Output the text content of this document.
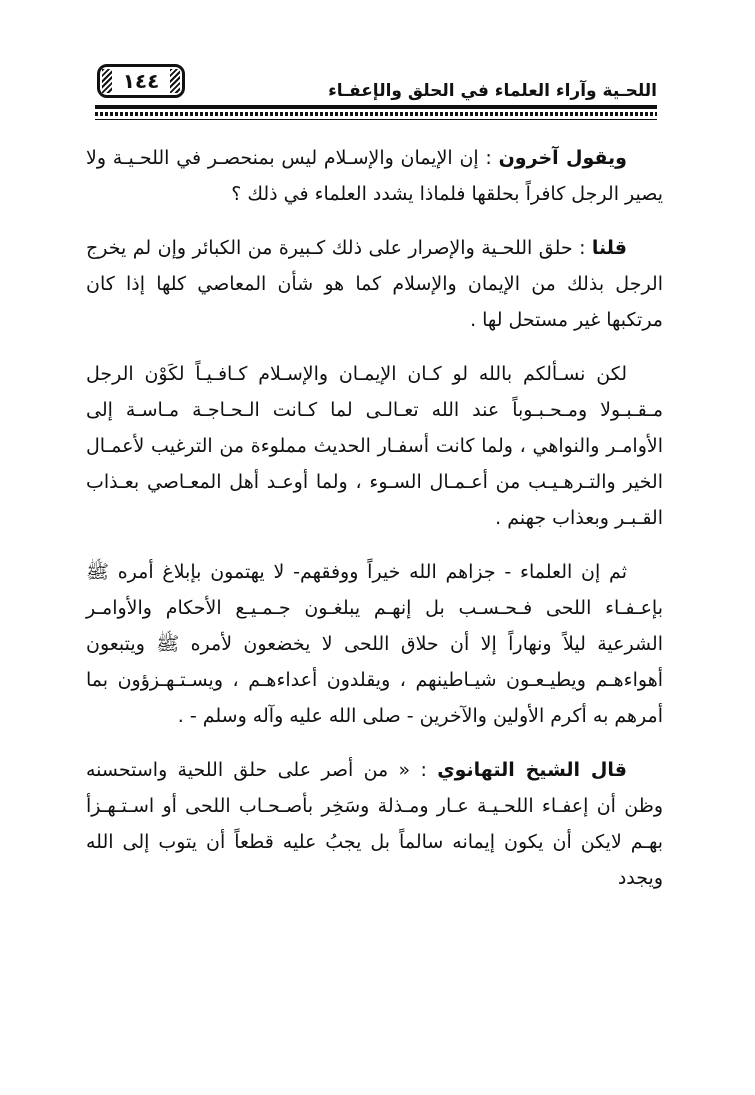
اللحـية وآراء العلماء في الحلق والإعفـاء
١٤٤

ويقول آخرون : إن الإيمان والإسـلام ليس بمنحصـر في اللحـيـة ولا يصير الرجل كافراً بحلقها فلماذا يشدد العلماء في ذلك ؟

قلنا : حلق اللحـية والإصرار على ذلك كـبيرة من الكبائر وإن لم يخرج الرجل بذلك من الإيمان والإسلام كما هو شأن المعاصي كلها إذا كان مرتكبها غير مستحل لها .

لكن نسـألكم بالله لو كـان الإيمـان والإسـلام كـافـيـاً لكَوْن الرجل مـقـبـولا ومـحـبـوباً عند الله تعـالـى لما كـانت الـحـاجـة مـاسـة إلى الأوامـر والنواهي ، ولما كانت أسفـار الحديث مملوءة من الترغيب لأعمـال الخير والتـرهـيـب من أعـمـال السـوء ، ولما أوعـد أهل المعـاصي بعـذاب القـبـر وبعذاب جهنم .

ثم إن العلماء - جزاهم الله خيراً ووفقهم- لا يهتمون بإبلاغ أمره ﷺ بإعـفـاء اللحى فـحـسـب بل إنهـم يبلغـون جـمـيـع الأحكام والأوامـر الشرعية ليلاً ونهاراً إلا أن حلاق اللحى لا يخضعون لأمره ﷺ ويتبعون أهواءهـم ويطيـعـون شيـاطينهم ، ويقلدون أعداءهـم ، ويسـتـهـزؤون بما أمرهم به أكرم الأولين والآخرين - صلى الله عليه وآله وسلم - .

قال الشيخ التهانوي : « من أصر على حلق اللحية واستحسنه وظن أن إعفـاء اللحـيـة عـار ومـذلة وسَخِر بأصـحـاب اللحى أو اسـتـهـزأ بهـم لايكن أن يكون إيمانه سالماً بل يجبُ عليه قطعاً أن يتوب إلى الله ويجدد
